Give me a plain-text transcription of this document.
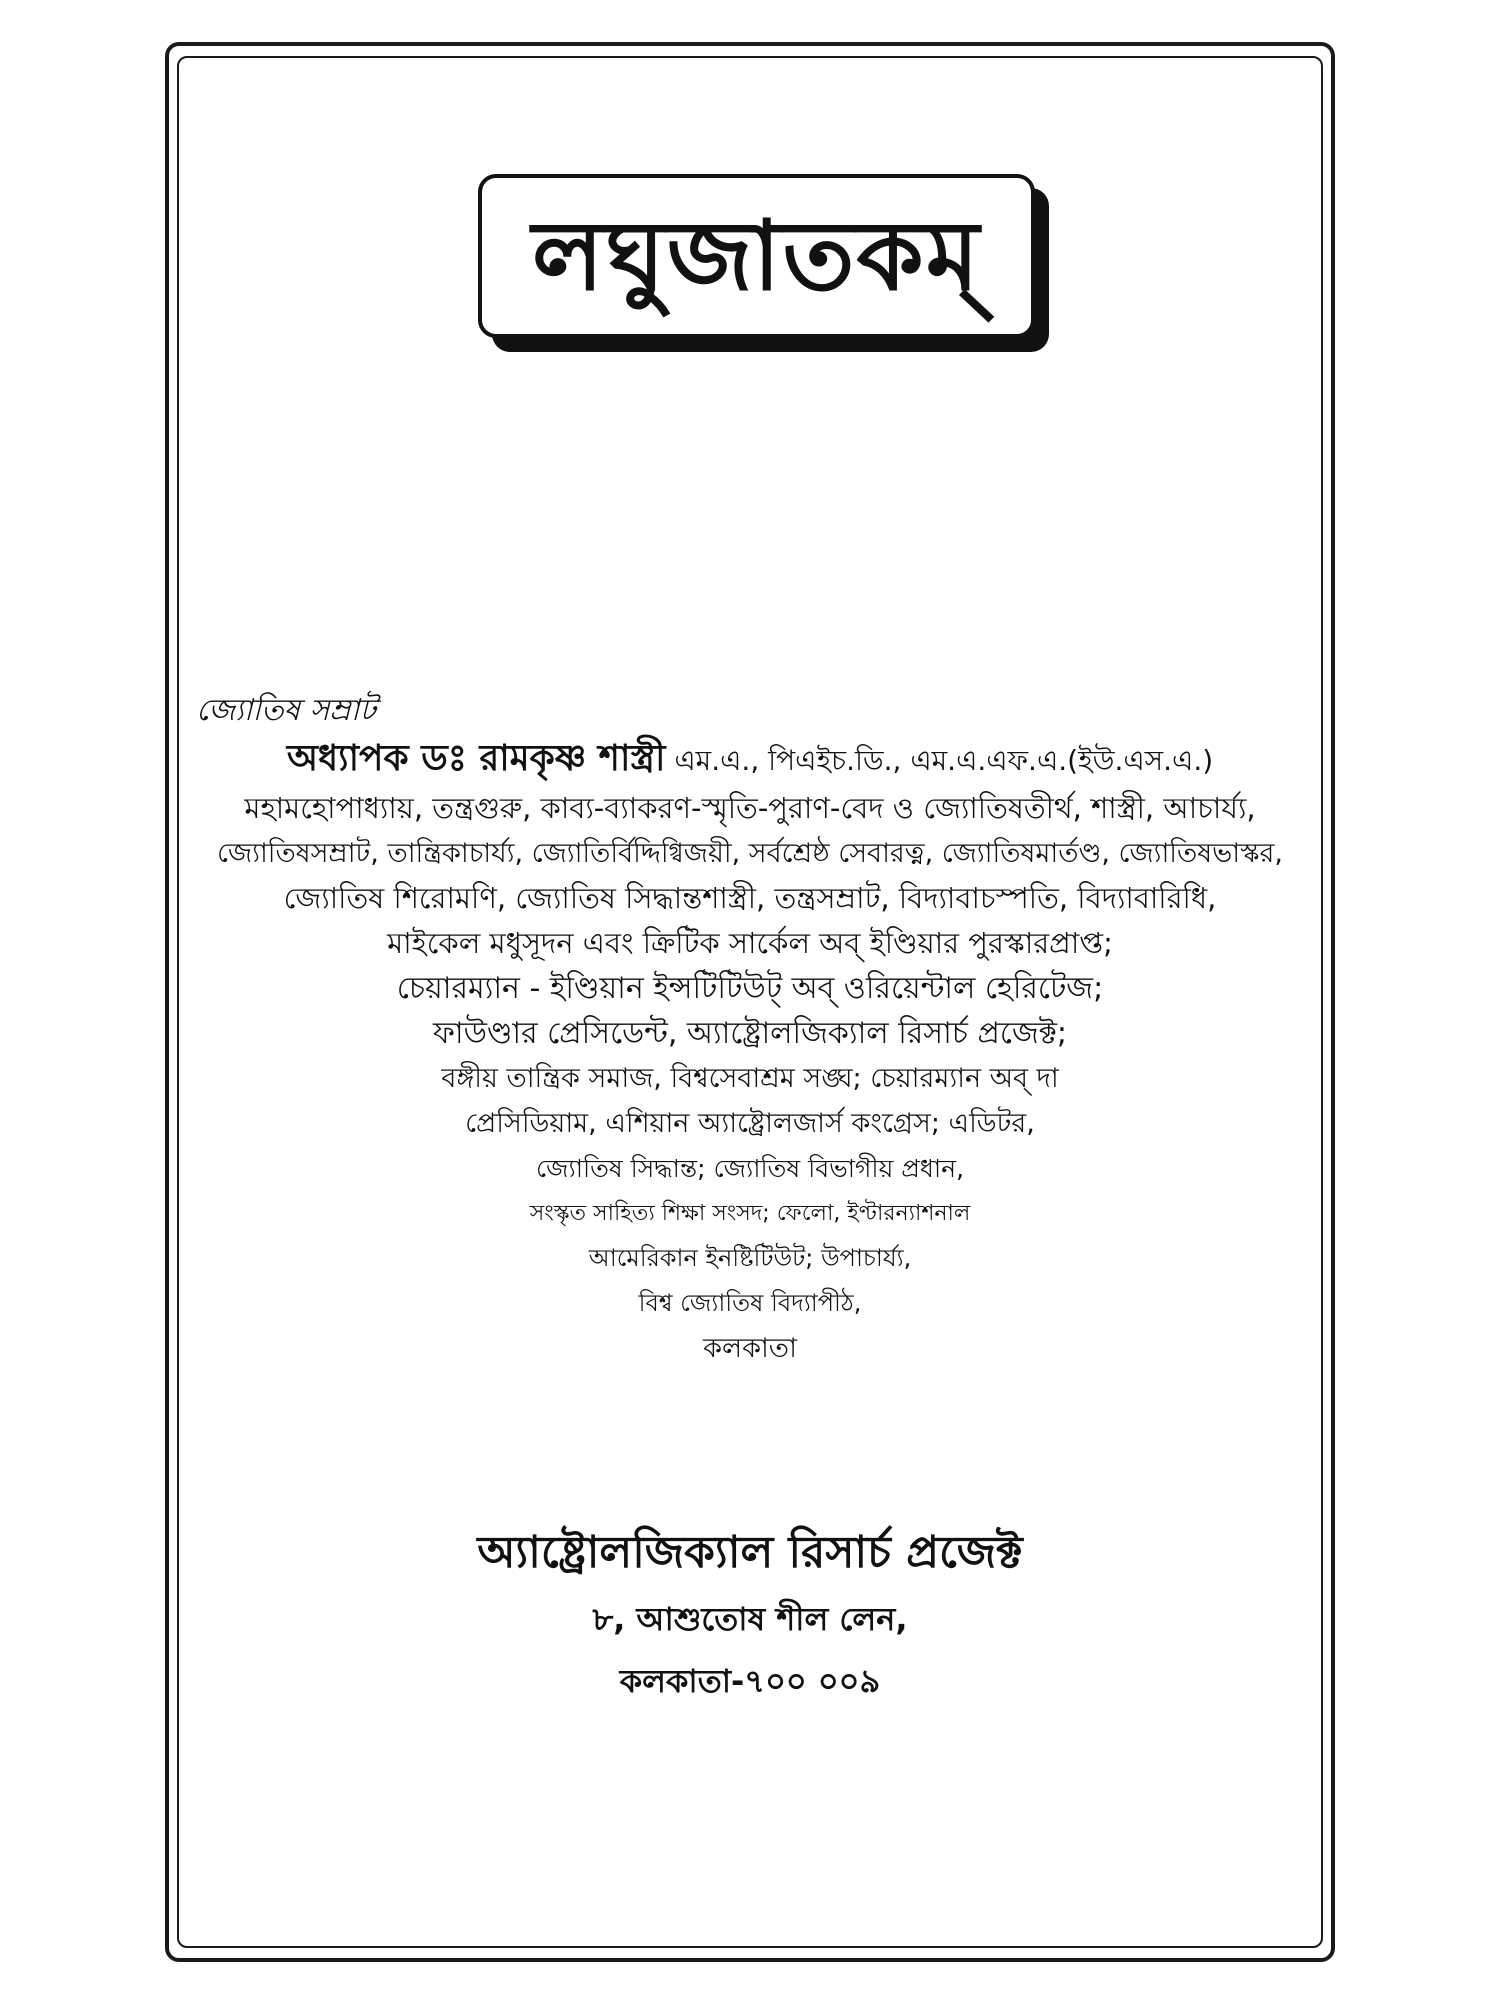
লঘুজাতকম্
জ্যোতিষ সম্রাট
অধ্যাপক ডঃ রামকৃষ্ণ শাস্ত্রী এম.এ., পিএইচ.ডি., এম.এ.এফ.এ.(ইউ.এস.এ.)
মহামহোপাধ্যায়, তন্ত্রগুরু, কাব্য-ব্যাকরণ-স্মৃতি-পুরাণ-বেদ ও জ্যোতিষতীর্থ, শাস্ত্রী, আচার্য্য,
জ্যোতিষসম্রাট, তান্ত্রিকাচার্য্য, জ্যোতির্বিদ্দিগ্বিজয়ী, সর্বশ্রেষ্ঠ সেবারত্ন, জ্যোতিষমার্তণ্ড, জ্যোতিষভাস্কর,
জ্যোতিষ শিরোমণি, জ্যোতিষ সিদ্ধান্তশাস্ত্রী, তন্ত্রসম্রাট, বিদ্যাবাচস্পতি, বিদ্যাবারিধি,
মাইকেল মধুসূদন এবং ক্রিটিক সার্কেল অব্ ইণ্ডিয়ার পুরস্কারপ্রাপ্ত;
চেয়ারম্যান - ইণ্ডিয়ান ইন্সটিটিউট্ অব্ ওরিয়েন্টাল হেরিটেজ;
ফাউণ্ডার প্রেসিডেন্ট, অ্যাষ্ট্রোলজিক্যাল রিসার্চ প্রজেক্ট;
বঙ্গীয় তান্ত্রিক সমাজ, বিশ্বসেবাশ্রম সঙ্ঘ; চেয়ারম্যান অব্ দা
প্রেসিডিয়াম, এশিয়ান অ্যাষ্ট্রোলজার্স কংগ্রেস; এডিটর,
জ্যোতিষ সিদ্ধান্ত; জ্যোতিষ বিভাগীয় প্রধান,
সংস্কৃত সাহিত্য শিক্ষা সংসদ; ফেলো, ইণ্টারন্যাশনাল
আমেরিকান ইনষ্টিটিউট; উপাচার্য্য,
বিশ্ব জ্যোতিষ বিদ্যাপীঠ,
কলকাতা
অ্যাষ্ট্রোলজিক্যাল রিসার্চ প্রজেক্ট
৮, আশুতোষ শীল লেন,
কলকাতা-৭০০ ০০৯
